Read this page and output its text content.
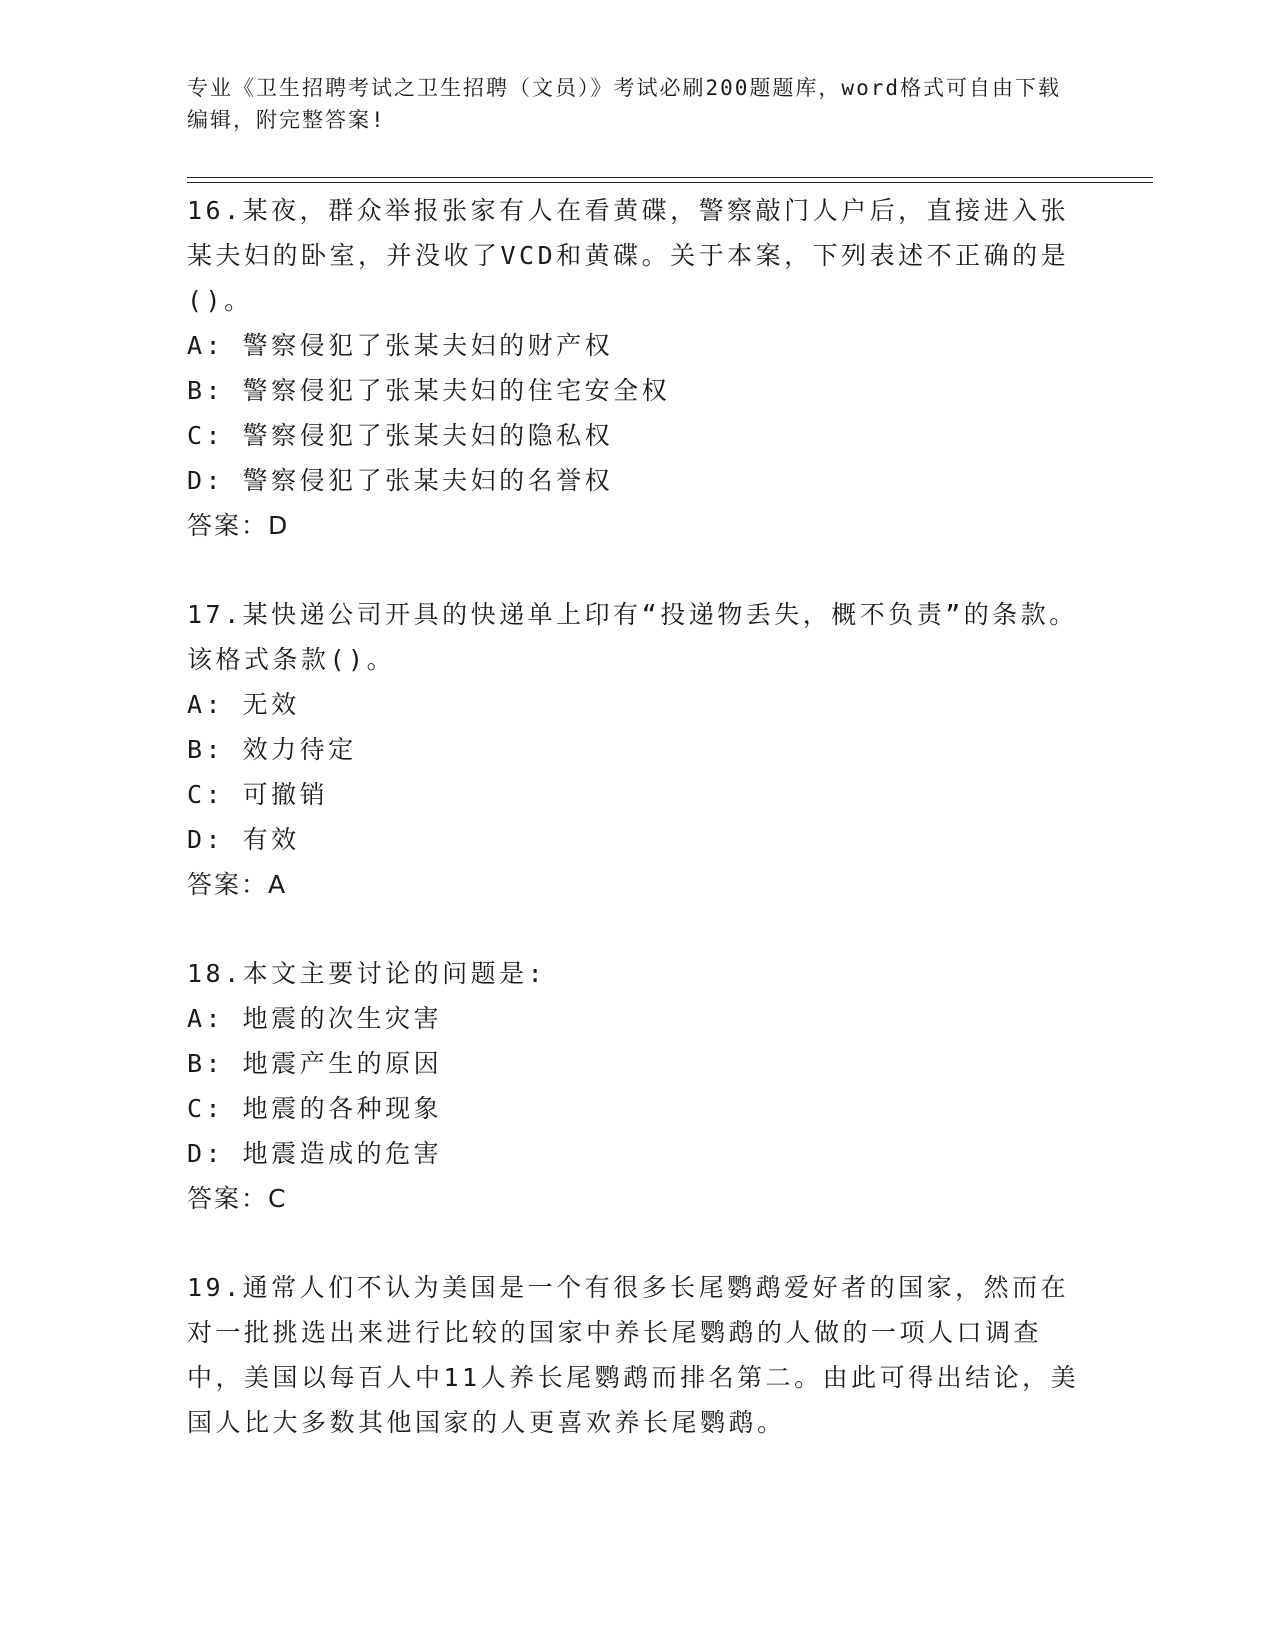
专业《卫生招聘考试之卫生招聘（文员）》考试必刷200题题库，word格式可自由下载编辑，附完整答案!
16.某夜，群众举报张家有人在看黄碟，警察敲门人户后，直接进入张某夫妇的卧室，并没收了VCD和黄碟。关于本案，下列表述不正确的是()。
A: 警察侵犯了张某夫妇的财产权
B: 警察侵犯了张某夫妇的住宅安全权
C: 警察侵犯了张某夫妇的隐私权
D: 警察侵犯了张某夫妇的名誉权
答案：D
17.某快递公司开具的快递单上印有“投递物丢失，概不负责”的条款。该格式条款()。
A: 无效
B: 效力待定
C: 可撤销
D: 有效
答案：A
18.本文主要讨论的问题是:
A: 地震的次生灾害
B: 地震产生的原因
C: 地震的各种现象
D: 地震造成的危害
答案：C
19.通常人们不认为美国是一个有很多长尾鹦鹉爱好者的国家，然而在对一批挑选出来进行比较的国家中养长尾鹦鹉的人做的一项人口调查中，美国以每百人中11人养长尾鹦鹉而排名第二。由此可得出结论，美国人比大多数其他国家的人更喜欢养长尾鹦鹉。
